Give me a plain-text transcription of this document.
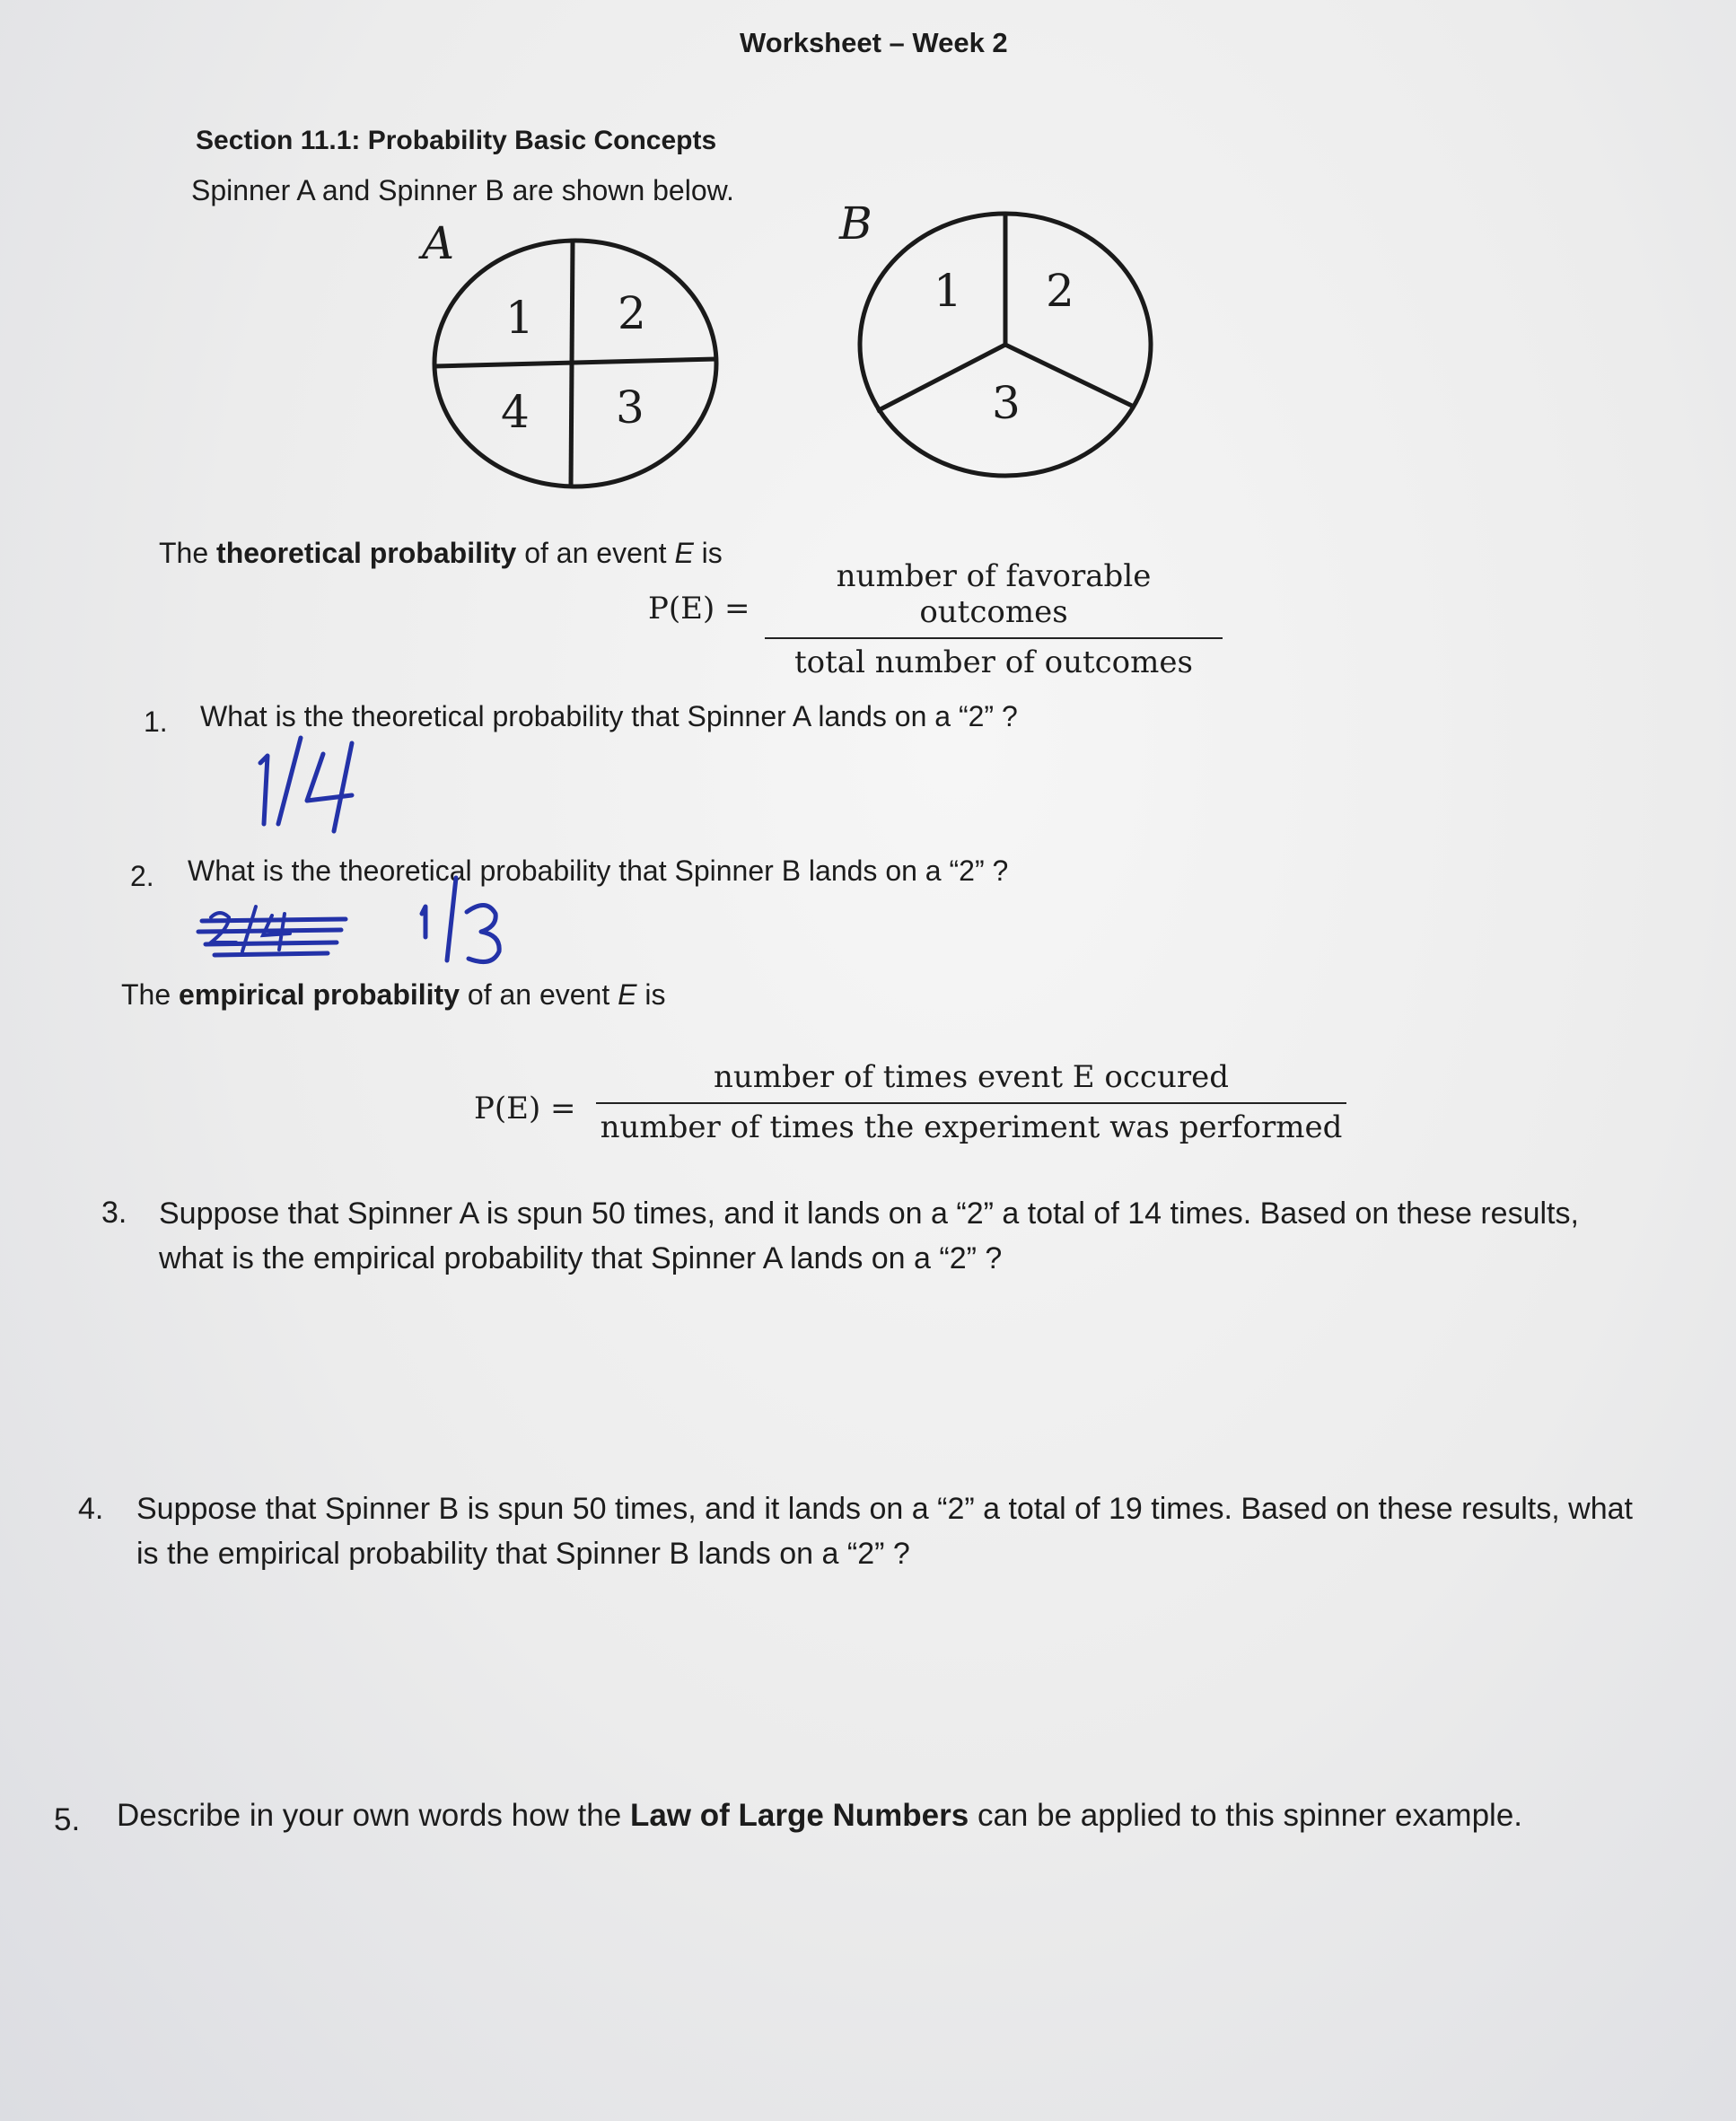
Worksheet – Week 2
Section 11.1: Probability Basic Concepts
Spinner A and Spinner B are shown below.
A
1 2
4 3
B
1 2
3
The theoretical probability of an event E is
P(E) =
number of favorable outcomes
total number of outcomes
1. What is the theoretical probability that Spinner A lands on a “2” ?
2. What is the theoretical probability that Spinner B lands on a “2” ?
The empirical probability of an event E is
P(E) =
number of times event E occured
number of times the experiment was performed
3. Suppose that Spinner A is spun 50 times, and it lands on a “2” a total of 14 times. Based on these results, what is the empirical probability that Spinner A lands on a “2” ?
4. Suppose that Spinner B is spun 50 times, and it lands on a “2” a total of 19 times. Based on these results, what is the empirical probability that Spinner B lands on a “2” ?
5. Describe in your own words how the Law of Large Numbers can be applied to this spinner example.
